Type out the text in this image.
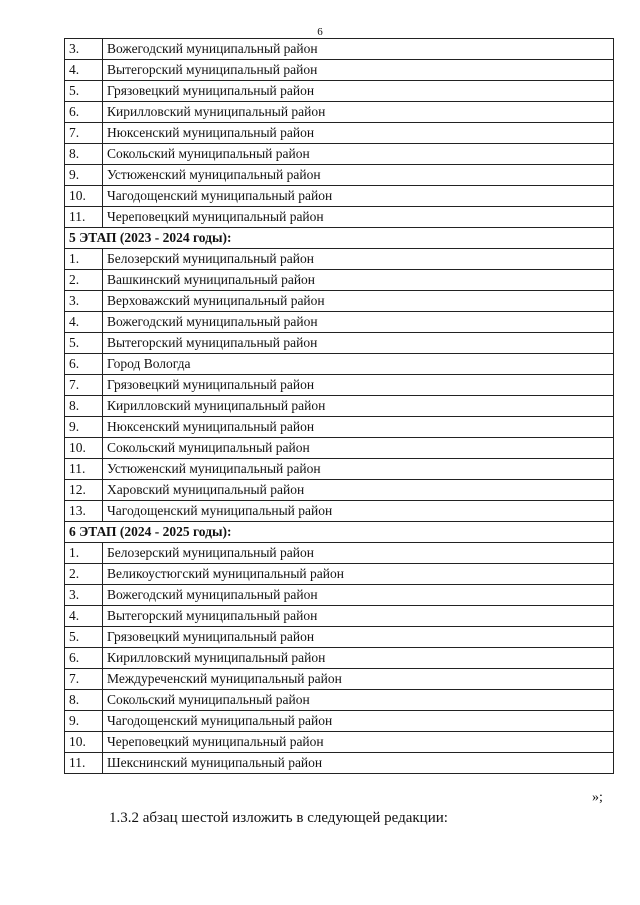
6
3.	Вожегодский муниципальный район
4.	Вытегорский муниципальный район
5.	Грязовецкий муниципальный район
6.	Кирилловский муниципальный район
7.	Нюксенский муниципальный район
8.	Сокольский муниципальный район
9.	Устюженский муниципальный район
10.	Чагодощенский муниципальный район
11.	Череповецкий муниципальный район
5 ЭТАП (2023 - 2024 годы):	
1.	Белозерский муниципальный район
2.	Вашкинский муниципальный район
3.	Верховажский муниципальный район
4.	Вожегодский муниципальный район
5.	Вытегорский муниципальный район
6.	Город Вологда
7.	Грязовецкий муниципальный район
8.	Кирилловский муниципальный район
9.	Нюксенский муниципальный район
10.	Сокольский муниципальный район
11.	Устюженский муниципальный район
12.	Харовский муниципальный район
13.	Чагодощенский муниципальный район
6 ЭТАП (2024 - 2025 годы):	
1.	Белозерский муниципальный район
2.	Великоустюгский муниципальный район
3.	Вожегодский муниципальный район
4.	Вытегорский муниципальный район
5.	Грязовецкий муниципальный район
6.	Кирилловский муниципальный район
7.	Междуреченский муниципальный район
8.	Сокольский муниципальный район
9.	Чагодощенский муниципальный район
10.	Череповецкий муниципальный район
11.	Шекснинский муниципальный район
»;
1.3.2 абзац шестой изложить в следующей редакции:
